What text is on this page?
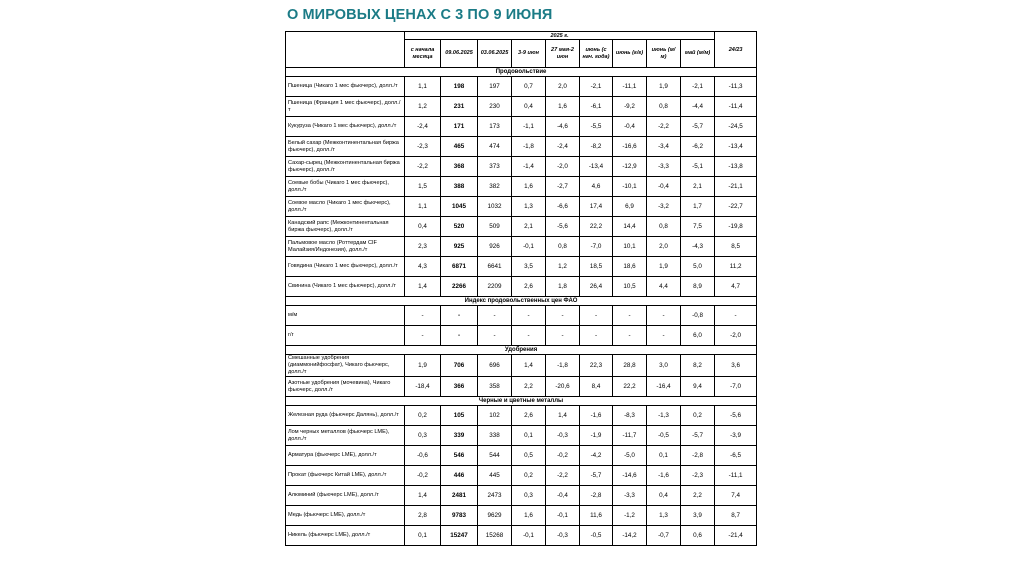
О МИРОВЫХ ЦЕНАХ С 3 ПО 9 ИЮНЯ
	2025 г.									24/23
	с начала месяца	09.06.2025	03.06.2025	3-9 июн	27 мая-2 июн	июнь (с нач. года)	июнь (г/г)	июнь (м/м)	май (м/м)	
Продовольствие										
Пшеница (Чикаго 1 мес фьючерс), долл./т	1,1	198	197	0,7	2,0	-2,1	-11,1	1,9	-2,1	-11,3
Пшеница (Франция 1 мес фьючерс), долл./т	1,2	231	230	0,4	1,6	-6,1	-9,2	0,8	-4,4	-11,4
Кукуруза (Чикаго 1 мес фьючерс), долл./т	-2,4	171	173	-1,1	-4,6	-5,5	-0,4	-2,2	-5,7	-24,5
Белый сахар (Межконтинентальная биржа фьючерс), долл./т	-2,3	465	474	-1,8	-2,4	-8,2	-16,6	-3,4	-6,2	-13,4
Сахар-сырец (Межконтинентальная биржа фьючерс), долл./т	-2,2	368	373	-1,4	-2,0	-13,4	-12,9	-3,3	-5,1	-13,8
Соевые бобы (Чикаго 1 мес фьючерс), долл./т	1,5	388	382	1,6	-2,7	4,6	-10,1	-0,4	2,1	-21,1
Соевое масло (Чикаго 1 мес фьючерс), долл./т	1,1	1045	1032	1,3	-6,6	17,4	6,9	-3,2	1,7	-22,7
Канадский рапс (Межконтинентальная биржа фьючерс), долл./т	0,4	520	509	2,1	-5,6	22,2	14,4	0,8	7,5	-19,8
Пальмовое масло (Роттердам CIF Малайзия/Индонезия), долл./т	2,3	925	926	-0,1	0,8	-7,0	10,1	2,0	-4,3	8,5
Говядина (Чикаго 1 мес фьючерс), долл./т	4,3	6871	6641	3,5	1,2	18,5	18,6	1,9	5,0	11,2
Свинина (Чикаго 1 мес фьючерс), долл./т	1,4	2266	2209	2,6	1,8	26,4	10,5	4,4	8,9	4,7
Индекс продовольственных цен ФАО										
м/м	-	-	-	-	-	-	-	-	-0,8	-
г/г	-	-	-	-	-	-	-	-	6,0	-2,0
Удобрения										
Смешанные удобрения (диаммонийфосфат), Чикаго фьючерс, долл./т	1,9	706	696	1,4	-1,8	22,3	28,8	3,0	8,2	3,6
Азотные удобрения (мочевина), Чикаго фьючерс, долл./т	-18,4	366	358	2,2	-20,6	8,4	22,2	-16,4	9,4	-7,0
Черные и цветные металлы										
Железная руда (фьючерс Далянь), долл./т	0,2	105	102	2,6	1,4	-1,6	-8,3	-1,3	0,2	-5,6
Лом черных металлов (фьючерс LME), долл./т	0,3	339	338	0,1	-0,3	-1,9	-11,7	-0,5	-5,7	-3,9
Арматура (фьючерс LME), долл./т	-0,6	546	544	0,5	-0,2	-4,2	-5,0	0,1	-2,8	-6,5
Прокат (фьючерс Китай LME), долл./т	-0,2	446	445	0,2	-2,2	-5,7	-14,6	-1,6	-2,3	-11,1
Алюминий (фьючерс LME), долл./т	1,4	2481	2473	0,3	-0,4	-2,8	-3,3	0,4	2,2	7,4
Медь (фьючерс LME), долл./т	2,8	9783	9629	1,6	-0,1	11,6	-1,2	1,3	3,9	8,7
Никель (фьючерс LME), долл./т	0,1	15247	15268	-0,1	-0,3	-0,5	-14,2	-0,7	0,6	-21,4
